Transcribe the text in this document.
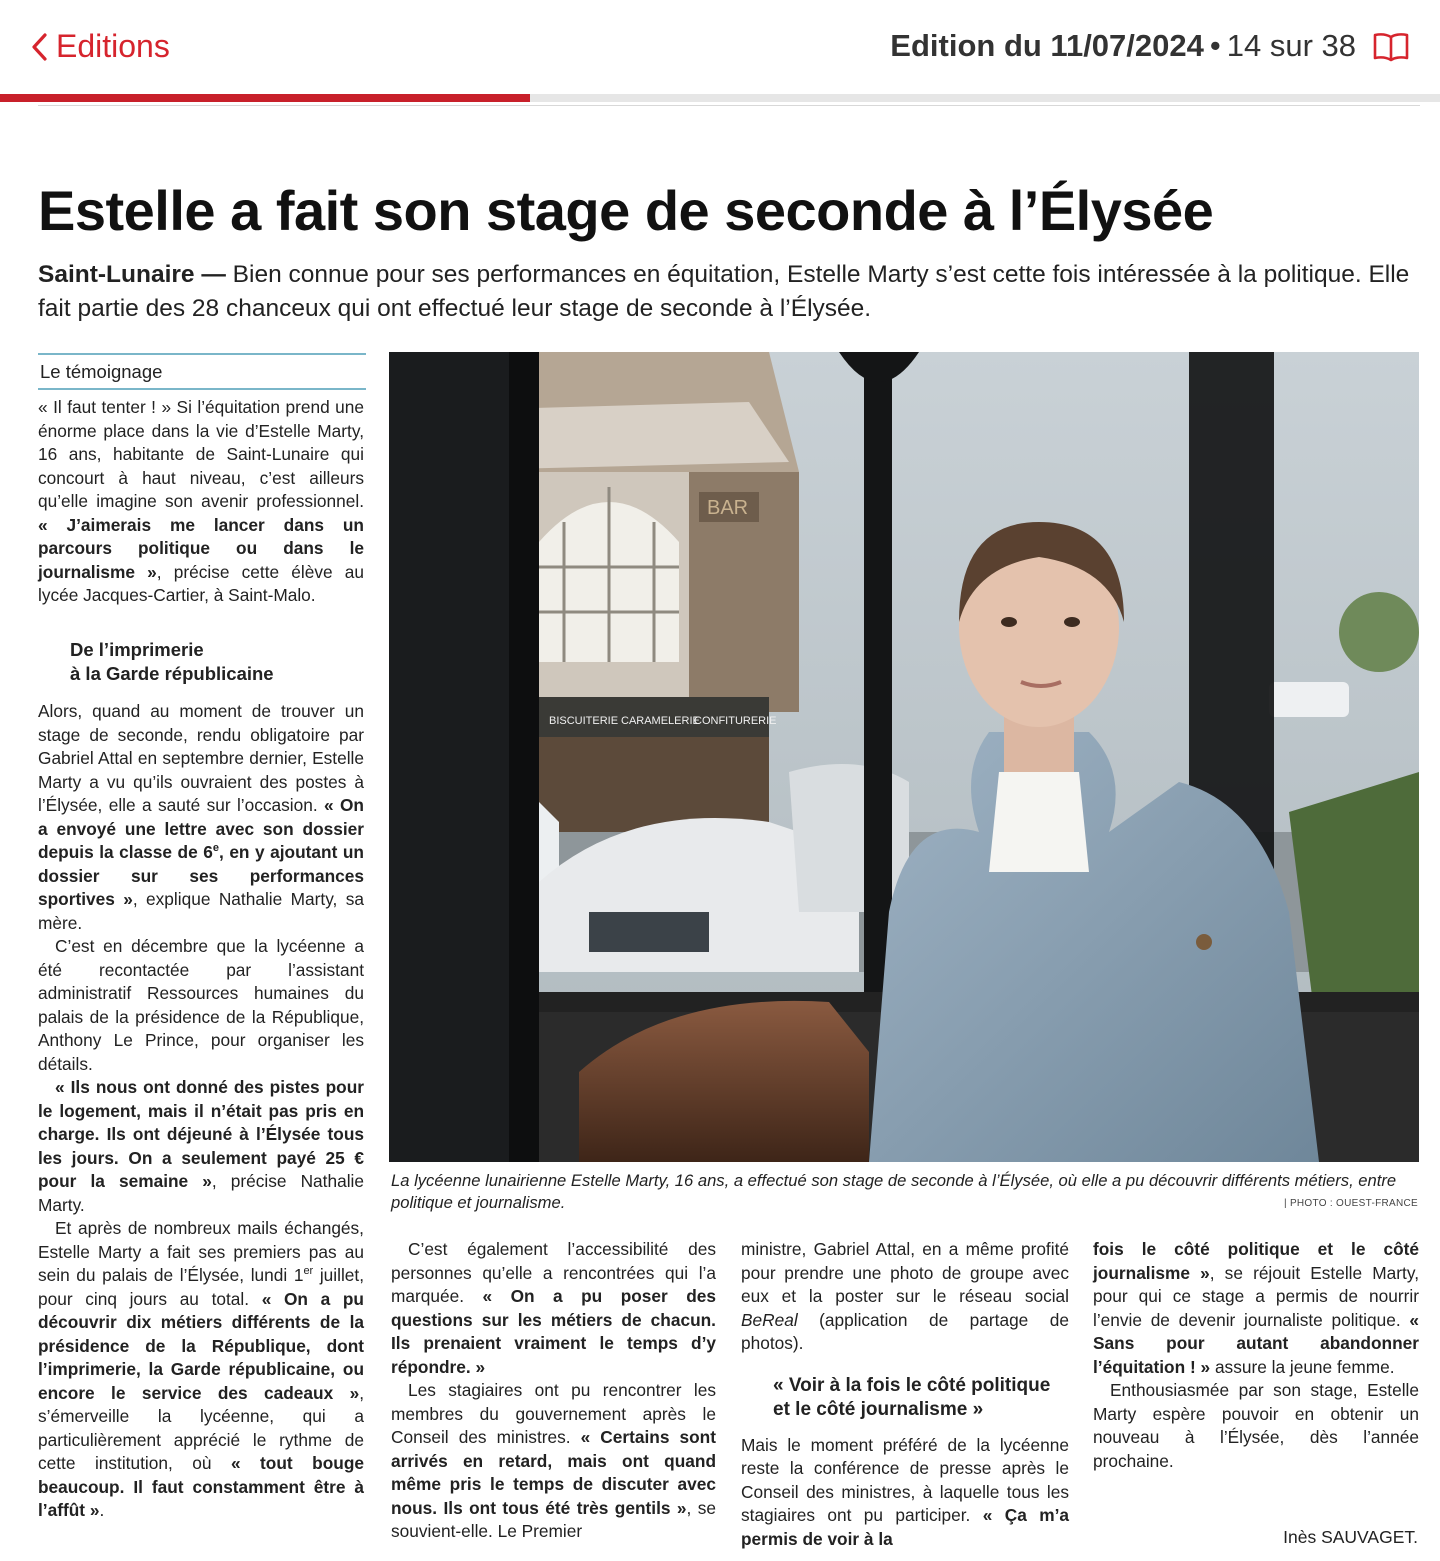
Editions	Edition du 11/07/2024 • 14 sur 38
Estelle a fait son stage de seconde à l’Élysée
Saint-Lunaire — Bien connue pour ses performances en équitation, Estelle Marty s’est cette fois intéressée à la politique. Elle fait partie des 28 chanceux qui ont effectué leur stage de seconde à l’Élysée.
Le témoignage

« Il faut tenter ! » Si l’équitation prend une énorme place dans la vie d’Estelle Marty, 16 ans, habitante de Saint-Lunaire qui concourt à haut niveau, c’est ailleurs qu’elle imagine son avenir professionnel. « J’aimerais me lancer dans un parcours politique ou dans le journalisme », précise cette élève au lycée Jacques-Cartier, à Saint-Malo.

De l’imprimerie
à la Garde républicaine

Alors, quand au moment de trouver un stage de seconde, rendu obligatoire par Gabriel Attal en septembre dernier, Estelle Marty a vu qu’ils ouvraient des postes à l’Élysée, elle a sauté sur l’occasion. « On a envoyé une lettre avec son dossier depuis la classe de 6e, en y ajoutant un dossier sur ses performances sportives », explique Nathalie Marty, sa mère.

C’est en décembre que la lycéenne a été recontactée par l’assistant administratif Ressources humaines du palais de la présidence de la République, Anthony Le Prince, pour organiser les détails.

« Ils nous ont donné des pistes pour le logement, mais il n’était pas pris en charge. Ils ont déjeuné à l’Élysée tous les jours. On a seulement payé 25 € pour la semaine », précise Nathalie Marty.

Et après de nombreux mails échangés, Estelle Marty a fait ses premiers pas au sein du palais de l’Élysée, lundi 1er juillet, pour cinq jours au total. « On a pu découvrir dix métiers différents de la présidence de la République, dont l’imprimerie, la Garde républicaine, ou encore le service des cadeaux », s’émerveille la lycéenne, qui a particulièrement apprécié le rythme de cette institution, où « tout bouge beaucoup. Il faut constamment être à l’affût ».

BAR
BISCUITERIE CARAMELERIE
CONFITURERIE
La lycéenne lunairienne Estelle Marty, 16 ans, a effectué son stage de seconde à l’Élysée, où elle a pu découvrir différents métiers, entre politique et journalisme.	| PHOTO : OUEST-FRANCE

C’est également l’accessibilité des personnes qu’elle a rencontrées qui l’a marquée. « On a pu poser des questions sur les métiers de chacun. Ils prenaient vraiment le temps d’y répondre. »

Les stagiaires ont pu rencontrer les membres du gouvernement après le Conseil des ministres. « Certains sont arrivés en retard, mais ont quand même pris le temps de discuter avec nous. Ils ont tous été très gentils », se souvient-elle. Le Premier

ministre, Gabriel Attal, en a même profité pour prendre une photo de groupe avec eux et la poster sur le réseau social BeReal (application de partage de photos).

« Voir à la fois le côté politique et le côté journalisme »

Mais le moment préféré de la lycéenne reste la conférence de presse après le Conseil des ministres, à laquelle tous les stagiaires ont pu participer. « Ça m’a permis de voir à la

fois le côté politique et le côté journalisme », se réjouit Estelle Marty, pour qui ce stage a permis de nourrir l’envie de devenir journaliste politique. « Sans pour autant abandonner l’équitation ! » assure la jeune femme.

Enthousiasmée par son stage, Estelle Marty espère pouvoir en obtenir un nouveau à l’Élysée, dès l’année prochaine.

Inès SAUVAGET.
